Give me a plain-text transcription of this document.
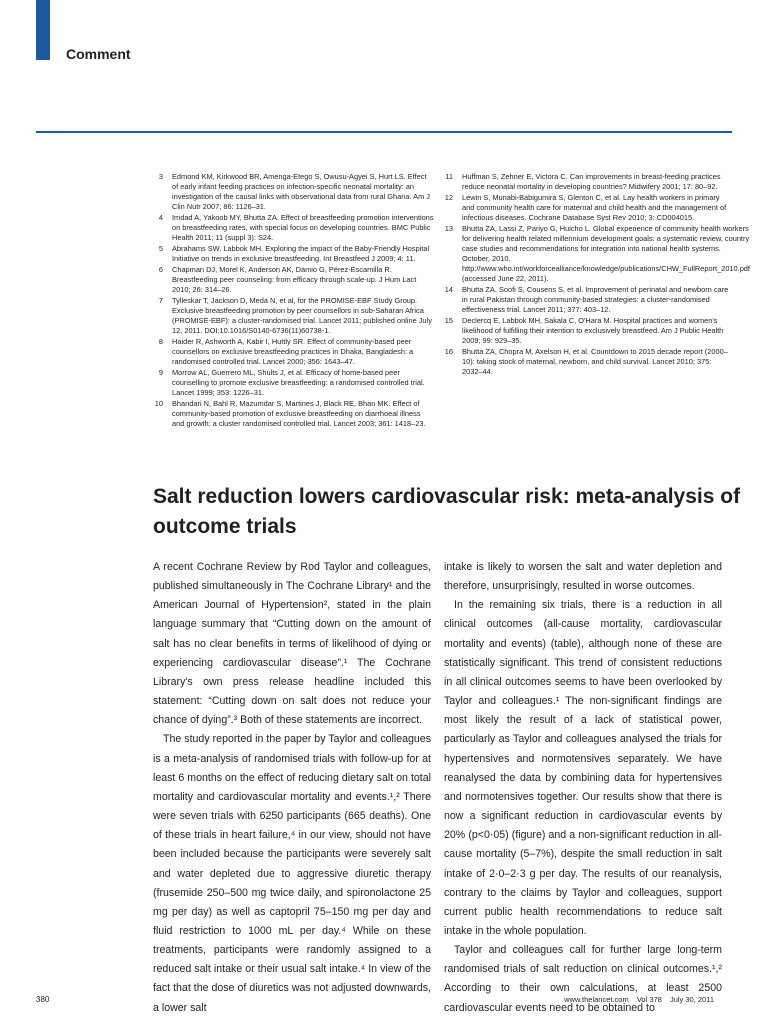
Comment
3 Edmond KM, Kirkwood BR, Amenga-Etego S, Owusu-Agyei S, Hurt LS. Effect of early infant feeding practices on infection-specific neonatal mortality: an investigation of the causal links with observational data from rural Ghana. Am J Clin Nutr 2007; 86: 1126–31.
4 Imdad A, Yakoob MY, Bhutta ZA. Effect of breastfeeding promotion interventions on breastfeeding rates, with special focus on developing countries. BMC Public Health 2011; 11 (suppl 3): S24.
5 Abrahams SW, Labbok MH. Exploring the impact of the Baby-Friendly Hospital Initiative on trends in exclusive breastfeeding. Int Breastfeed J 2009; 4: 11.
6 Chapman DJ, Morel K, Anderson AK, Damio G, Pérez-Escamilla R. Breastfeeding peer counseling: from efficacy through scale-up. J Hum Lact 2010; 26: 314–26.
7 Tylleskar T, Jackson D, Meda N, et al, for the PROMISE-EBF Study Group. Exclusive breastfeeding promotion by peer counsellors in sub-Saharan Africa (PROMISE-EBF): a cluster-randomised trial. Lancet 2011; published online July 12, 2011. DOI:10.1016/S0140-6736(11)60738-1.
8 Haider R, Ashworth A, Kabir I, Huttly SR. Effect of community-based peer counsellors on exclusive breastfeeding practices in Dhaka, Bangladesh: a randomised controlled trial. Lancet 2000; 356: 1643–47.
9 Morrow AL, Guerrero ML, Shults J, et al. Efficacy of home-based peer counselling to promote exclusive breastfeeding: a randomised controlled trial. Lancet 1999; 353: 1226–31.
10 Bhandari N, Bahl R, Mazumdar S, Martines J, Black RE, Bhan MK. Effect of community-based promotion of exclusive breastfeeding on diarrhoeal illness and growth: a cluster randomised controlled trial. Lancet 2003; 361: 1418–23.
11 Huffman S, Zehner E, Victora C. Can improvements in breast-feeding practices reduce neonatal mortality in developing countries? Midwifery 2001; 17: 80–92.
12 Lewin S, Munabi-Babigumira S, Glenton C, et al. Lay health workers in primary and community health care for maternal and child health and the management of infectious diseases. Cochrane Database Syst Rev 2010; 3: CD004015.
13 Bhutta ZA, Lassi Z, Pariyo G, Huicho L. Global experience of community health workers for delivering health related millennium development goals: a systematic review, country case studies and recommendations for integration into national health systems. October, 2010. http://www.who.int/workforcealliance/knowledge/publications/CHW_FullReport_2010.pdf (accessed June 22, 2011).
14 Bhutta ZA, Soofi S, Cousens S, et al. Improvement of perinatal and newborn care in rural Pakistan through community-based strategies: a cluster-randomised effectiveness trial. Lancet 2011; 377: 403–12.
15 Declercq E, Labbok MH, Sakala C, O'Hara M. Hospital practices and women's likelihood of fulfilling their intention to exclusively breastfeed. Am J Public Health 2009; 99: 929–35.
16 Bhutta ZA, Chopra M, Axelson H, et al. Countdown to 2015 decade report (2000–10): taking stock of maternal, newborn, and child survival. Lancet 2010; 375: 2032–44.
Salt reduction lowers cardiovascular risk: meta-analysis of outcome trials

A recent Cochrane Review by Rod Taylor and colleagues, published simultaneously in The Cochrane Library¹ and the American Journal of Hypertension², stated in the plain language summary that “Cutting down on the amount of salt has no clear benefits in terms of likelihood of dying or experiencing cardiovascular disease”.¹ The Cochrane Library's own press release headline included this statement: “Cutting down on salt does not reduce your chance of dying”.³ Both of these statements are incorrect.

The study reported in the paper by Taylor and colleagues is a meta-analysis of randomised trials with follow-up for at least 6 months on the effect of reducing dietary salt on total mortality and cardiovascular mortality and events.¹,² There were seven trials with 6250 participants (665 deaths). One of these trials in heart failure,⁴ in our view, should not have been included because the participants were severely salt and water depleted due to aggressive diuretic therapy (frusemide 250–500 mg twice daily, and spironolactone 25 mg per day) as well as captopril 75–150 mg per day and fluid restriction to 1000 mL per day.⁴ While on these treatments, participants were randomly assigned to a reduced salt intake or their usual salt intake.⁴ In view of the fact that the dose of diuretics was not adjusted downwards, a lower salt

intake is likely to worsen the salt and water depletion and therefore, unsurprisingly, resulted in worse outcomes.

In the remaining six trials, there is a reduction in all clinical outcomes (all-cause mortality, cardiovascular mortality and events) (table), although none of these are statistically significant. This trend of consistent reductions in all clinical outcomes seems to have been overlooked by Taylor and colleagues.¹ The non-significant findings are most likely the result of a lack of statistical power, particularly as Taylor and colleagues analysed the trials for hypertensives and normotensives separately. We have reanalysed the data by combining data for hypertensives and normotensives together. Our results show that there is now a significant reduction in cardiovascular events by 20% (p<0·05) (figure) and a non-significant reduction in all-cause mortality (5–7%), despite the small reduction in salt intake of 2·0–2·3 g per day. The results of our reanalysis, contrary to the claims by Taylor and colleagues, support current public health recommendations to reduce salt intake in the whole population.

Taylor and colleagues call for further large long-term randomised trials of salt reduction on clinical outcomes.¹,² According to their own calculations, at least 2500 cardiovascular events need to be obtained to

380	www.thelancet.com Vol 378 July 30, 2011
